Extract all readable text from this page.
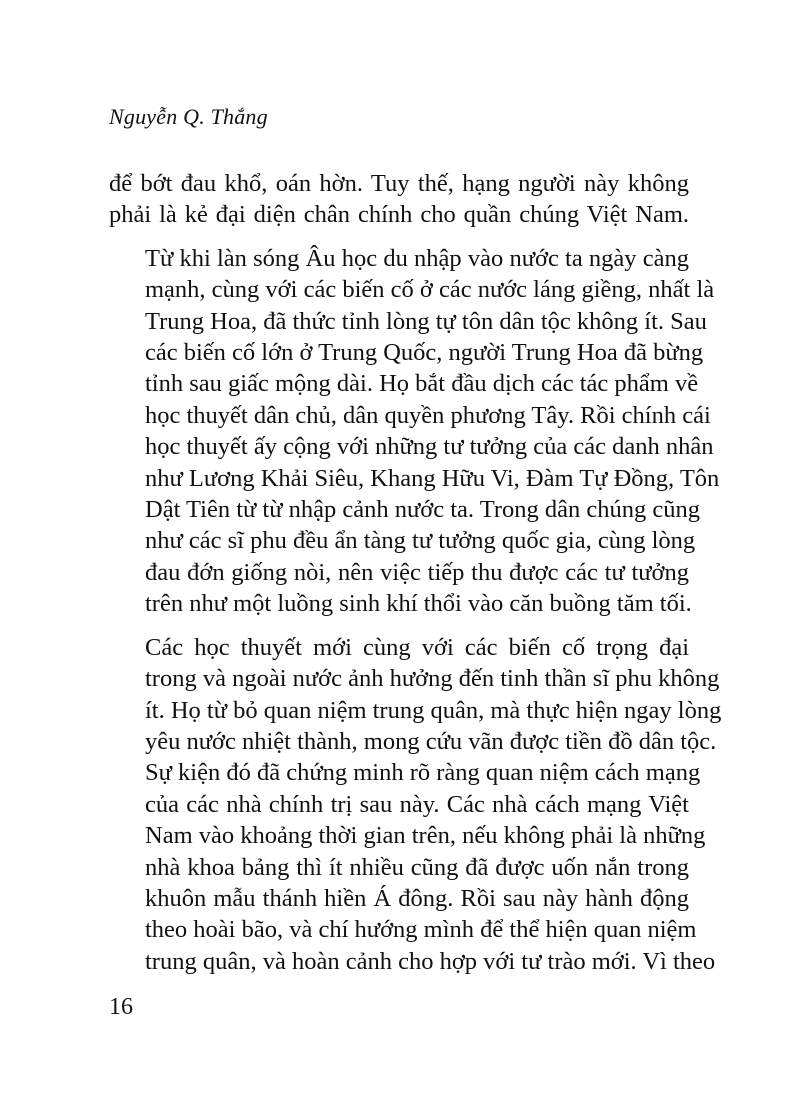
Nguyễn Q. Thắng

để bớt đau khổ, oán hờn. Tuy thế, hạng người này không
phải là kẻ đại diện chân chính cho quần chúng Việt Nam.

Từ khi làn sóng Âu học du nhập vào nước ta ngày càng
mạnh, cùng với các biến cố ở các nước láng giềng, nhất là
Trung Hoa, đã thức tỉnh lòng tự tôn dân tộc không ít. Sau
các biến cố lớn ở Trung Quốc, người Trung Hoa đã bừng
tỉnh sau giấc mộng dài. Họ bắt đầu dịch các tác phẩm về
học thuyết dân chủ, dân quyền phương Tây. Rồi chính cái
học thuyết ấy cộng với những tư tưởng của các danh nhân
như Lương Khải Siêu, Khang Hữu Vi, Đàm Tự Đồng, Tôn
Dật Tiên từ từ nhập cảnh nước ta. Trong dân chúng cũng
như các sĩ phu đều ẩn tàng tư tưởng quốc gia, cùng lòng
đau đớn giống nòi, nên việc tiếp thu được các tư tưởng
trên như một luồng sinh khí thổi vào căn buồng tăm tối.

Các học thuyết mới cùng với các biến cố trọng đại
trong và ngoài nước ảnh hưởng đến tinh thần sĩ phu không
ít. Họ từ bỏ quan niệm trung quân, mà thực hiện ngay lòng
yêu nước nhiệt thành, mong cứu vãn được tiền đồ dân tộc.
Sự kiện đó đã chứng minh rõ ràng quan niệm cách mạng
của các nhà chính trị sau này. Các nhà cách mạng Việt
Nam vào khoảng thời gian trên, nếu không phải là những
nhà khoa bảng thì ít nhiều cũng đã được uốn nắn trong
khuôn mẫu thánh hiền Á đông. Rồi sau này hành động
theo hoài bão, và chí hướng mình để thể hiện quan niệm
trung quân, và hoàn cảnh cho hợp với tư trào mới. Vì theo

16
